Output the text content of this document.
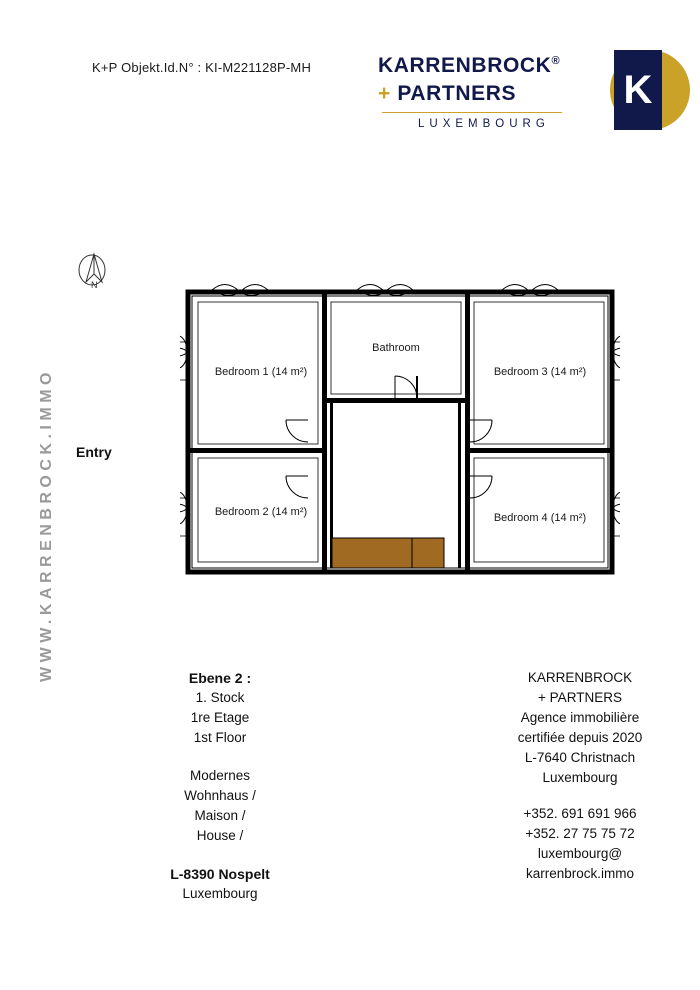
K+P Objekt.Id.N° : KI-M221128P-MH	KARRENBROCK®
+ PARTNERS
LUXEMBOURG
K
WWW.KARRENBROCK.IMMO
N
Entry
Bedroom 1 (14 m²)
Bathroom
Bedroom 3 (14 m²)
Bedroom 2 (14 m²)	Bedroom 4 (14 m²)
Ebene 2 :
1. Stock
1re Etage
1st Floor
Modernes
Wohnhaus /
Maison /
House /
L-8390 Nospelt
Luxembourg
KARRENBROCK
+ PARTNERS
Agence immobilière
certifiée depuis 2020
L-7640 Christnach
Luxembourg
+352. 691 691 966
+352. 27 75 75 72
luxembourg@
karrenbrock.immo
